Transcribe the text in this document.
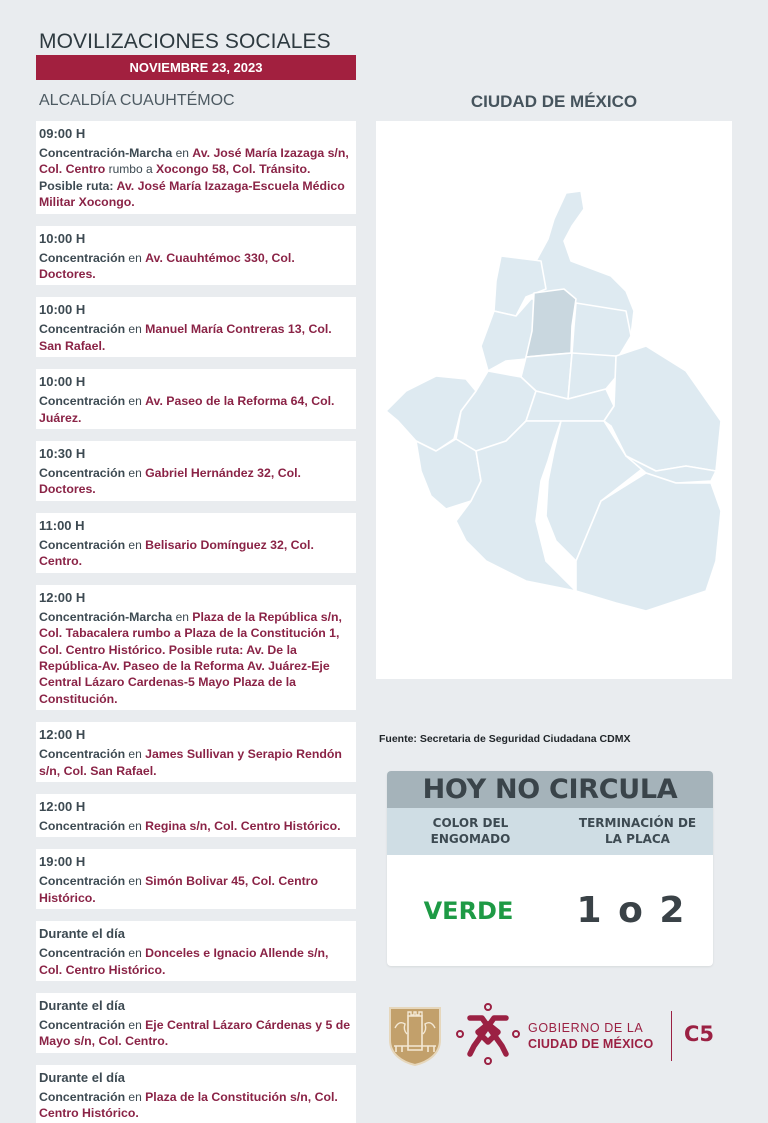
MOVILIZACIONES SOCIALES
NOVIEMBRE 23, 2023
ALCALDÍA CUAUHTÉMOC
09:00 H
Concentración-Marcha en Av. José María Izazaga s/n, Col. Centro rumbo a Xocongo 58, Col. Tránsito. Posible ruta: Av. José María Izazaga-Escuela Médico Militar Xocongo.
10:00 H
Concentración en Av. Cuauhtémoc 330, Col. Doctores.
10:00 H
Concentración en Manuel María Contreras 13, Col. San Rafael.
10:00 H
Concentración en Av. Paseo de la Reforma 64, Col. Juárez.
10:30 H
Concentración en Gabriel Hernández 32, Col. Doctores.
11:00 H
Concentración en Belisario Domínguez 32, Col. Centro.
12:00 H
Concentración-Marcha en Plaza de la República s/n, Col. Tabacalera rumbo a Plaza de la Constitución 1, Col. Centro Histórico. Posible ruta: Av. De la República-Av. Paseo de la Reforma Av. Juárez-Eje Central Lázaro Cardenas-5 Mayo Plaza de la Constitución.
12:00 H
Concentración en James Sullivan y Serapio Rendón s/n, Col. San Rafael.
12:00 H
Concentración en Regina s/n, Col. Centro Histórico.
19:00 H
Concentración en Simón Bolivar 45, Col. Centro Histórico.
Durante el día
Concentración en Donceles e Ignacio Allende s/n, Col. Centro Histórico.
Durante el día
Concentración en Eje Central Lázaro Cárdenas y 5 de Mayo s/n, Col. Centro.
Durante el día
Concentración en Plaza de la Constitución s/n, Col. Centro Histórico.
CIUDAD DE MÉXICO
Fuente: Secretaria de Seguridad Ciudadana CDMX
HOY NO CIRCULA
COLOR DEL ENGOMADO
TERMINACIÓN DE LA PLACA
VERDE	1 o 2
GOBIERNO DE LA
CIUDAD DE MÉXICO C5
